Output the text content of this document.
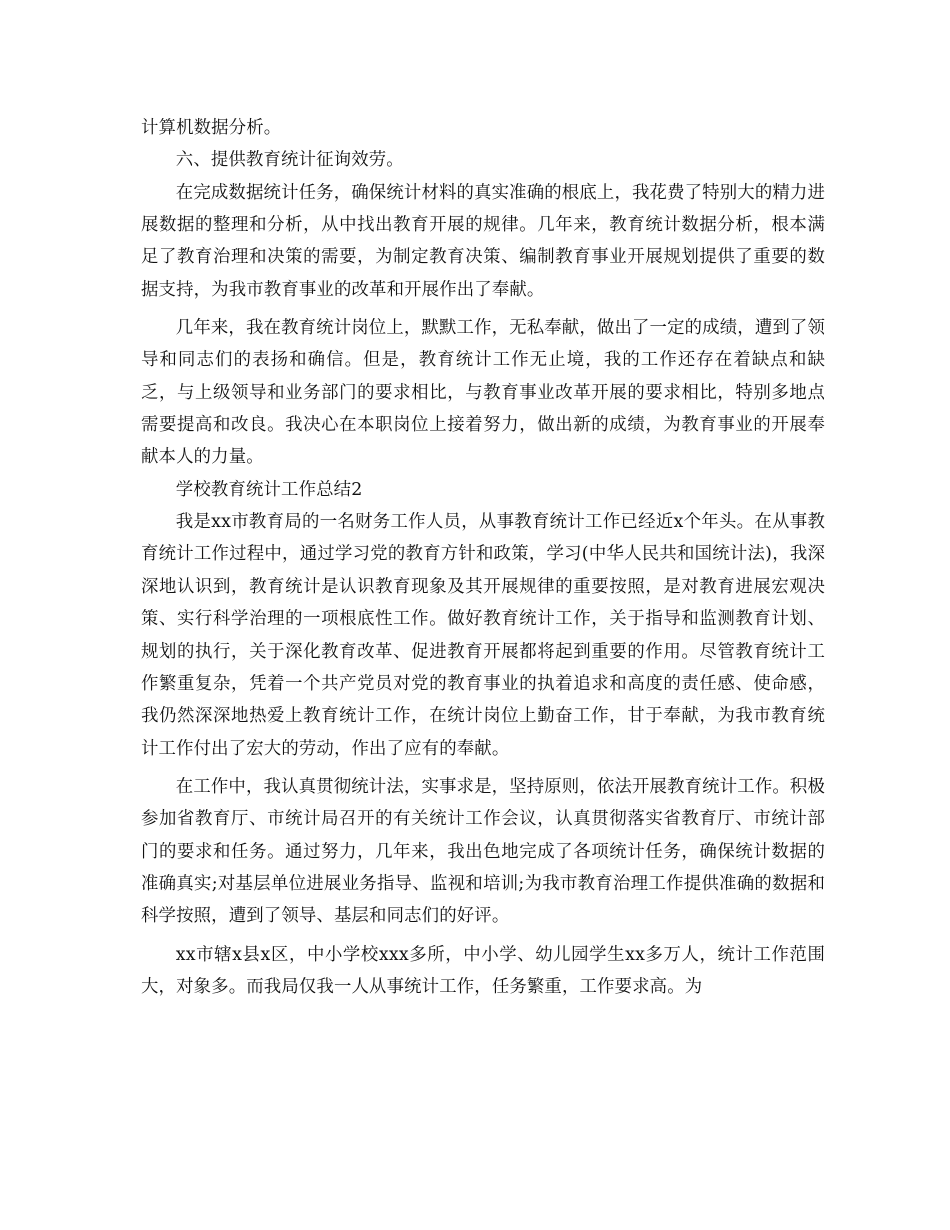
计算机数据分析。

六、提供教育统计征询效劳。

在完成数据统计任务，确保统计材料的真实准确的根底上，我花费了特别大的精力进展数据的整理和分析，从中找出教育开展的规律。几年来，教育统计数据分析，根本满足了教育治理和决策的需要，为制定教育决策、编制教育事业开展规划提供了重要的数据支持，为我市教育事业的改革和开展作出了奉献。

几年来，我在教育统计岗位上，默默工作，无私奉献，做出了一定的成绩，遭到了领导和同志们的表扬和确信。但是，教育统计工作无止境，我的工作还存在着缺点和缺乏，与上级领导和业务部门的要求相比，与教育事业改革开展的要求相比，特别多地点需要提高和改良。我决心在本职岗位上接着努力，做出新的成绩，为教育事业的开展奉献本人的力量。

学校教育统计工作总结2

我是xx市教育局的一名财务工作人员，从事教育统计工作已经近x个年头。在从事教育统计工作过程中，通过学习党的教育方针和政策，学习(中华人民共和国统计法)，我深深地认识到，教育统计是认识教育现象及其开展规律的重要按照，是对教育进展宏观决策、实行科学治理的一项根底性工作。做好教育统计工作，关于指导和监测教育计划、规划的执行，关于深化教育改革、促进教育开展都将起到重要的作用。尽管教育统计工作繁重复杂，凭着一个共产党员对党的教育事业的执着追求和高度的责任感、使命感，我仍然深深地热爱上教育统计工作，在统计岗位上勤奋工作，甘于奉献，为我市教育统计工作付出了宏大的劳动，作出了应有的奉献。

在工作中，我认真贯彻统计法，实事求是，坚持原则，依法开展教育统计工作。积极参加省教育厅、市统计局召开的有关统计工作会议，认真贯彻落实省教育厅、市统计部门的要求和任务。通过努力，几年来，我出色地完成了各项统计任务，确保统计数据的准确真实;对基层单位进展业务指导、监视和培训;为我市教育治理工作提供准确的数据和科学按照，遭到了领导、基层和同志们的好评。

xx市辖x县x区，中小学校xxx多所，中小学、幼儿园学生xx多万人，统计工作范围大，对象多。而我局仅我一人从事统计工作，任务繁重，工作要求高。为
